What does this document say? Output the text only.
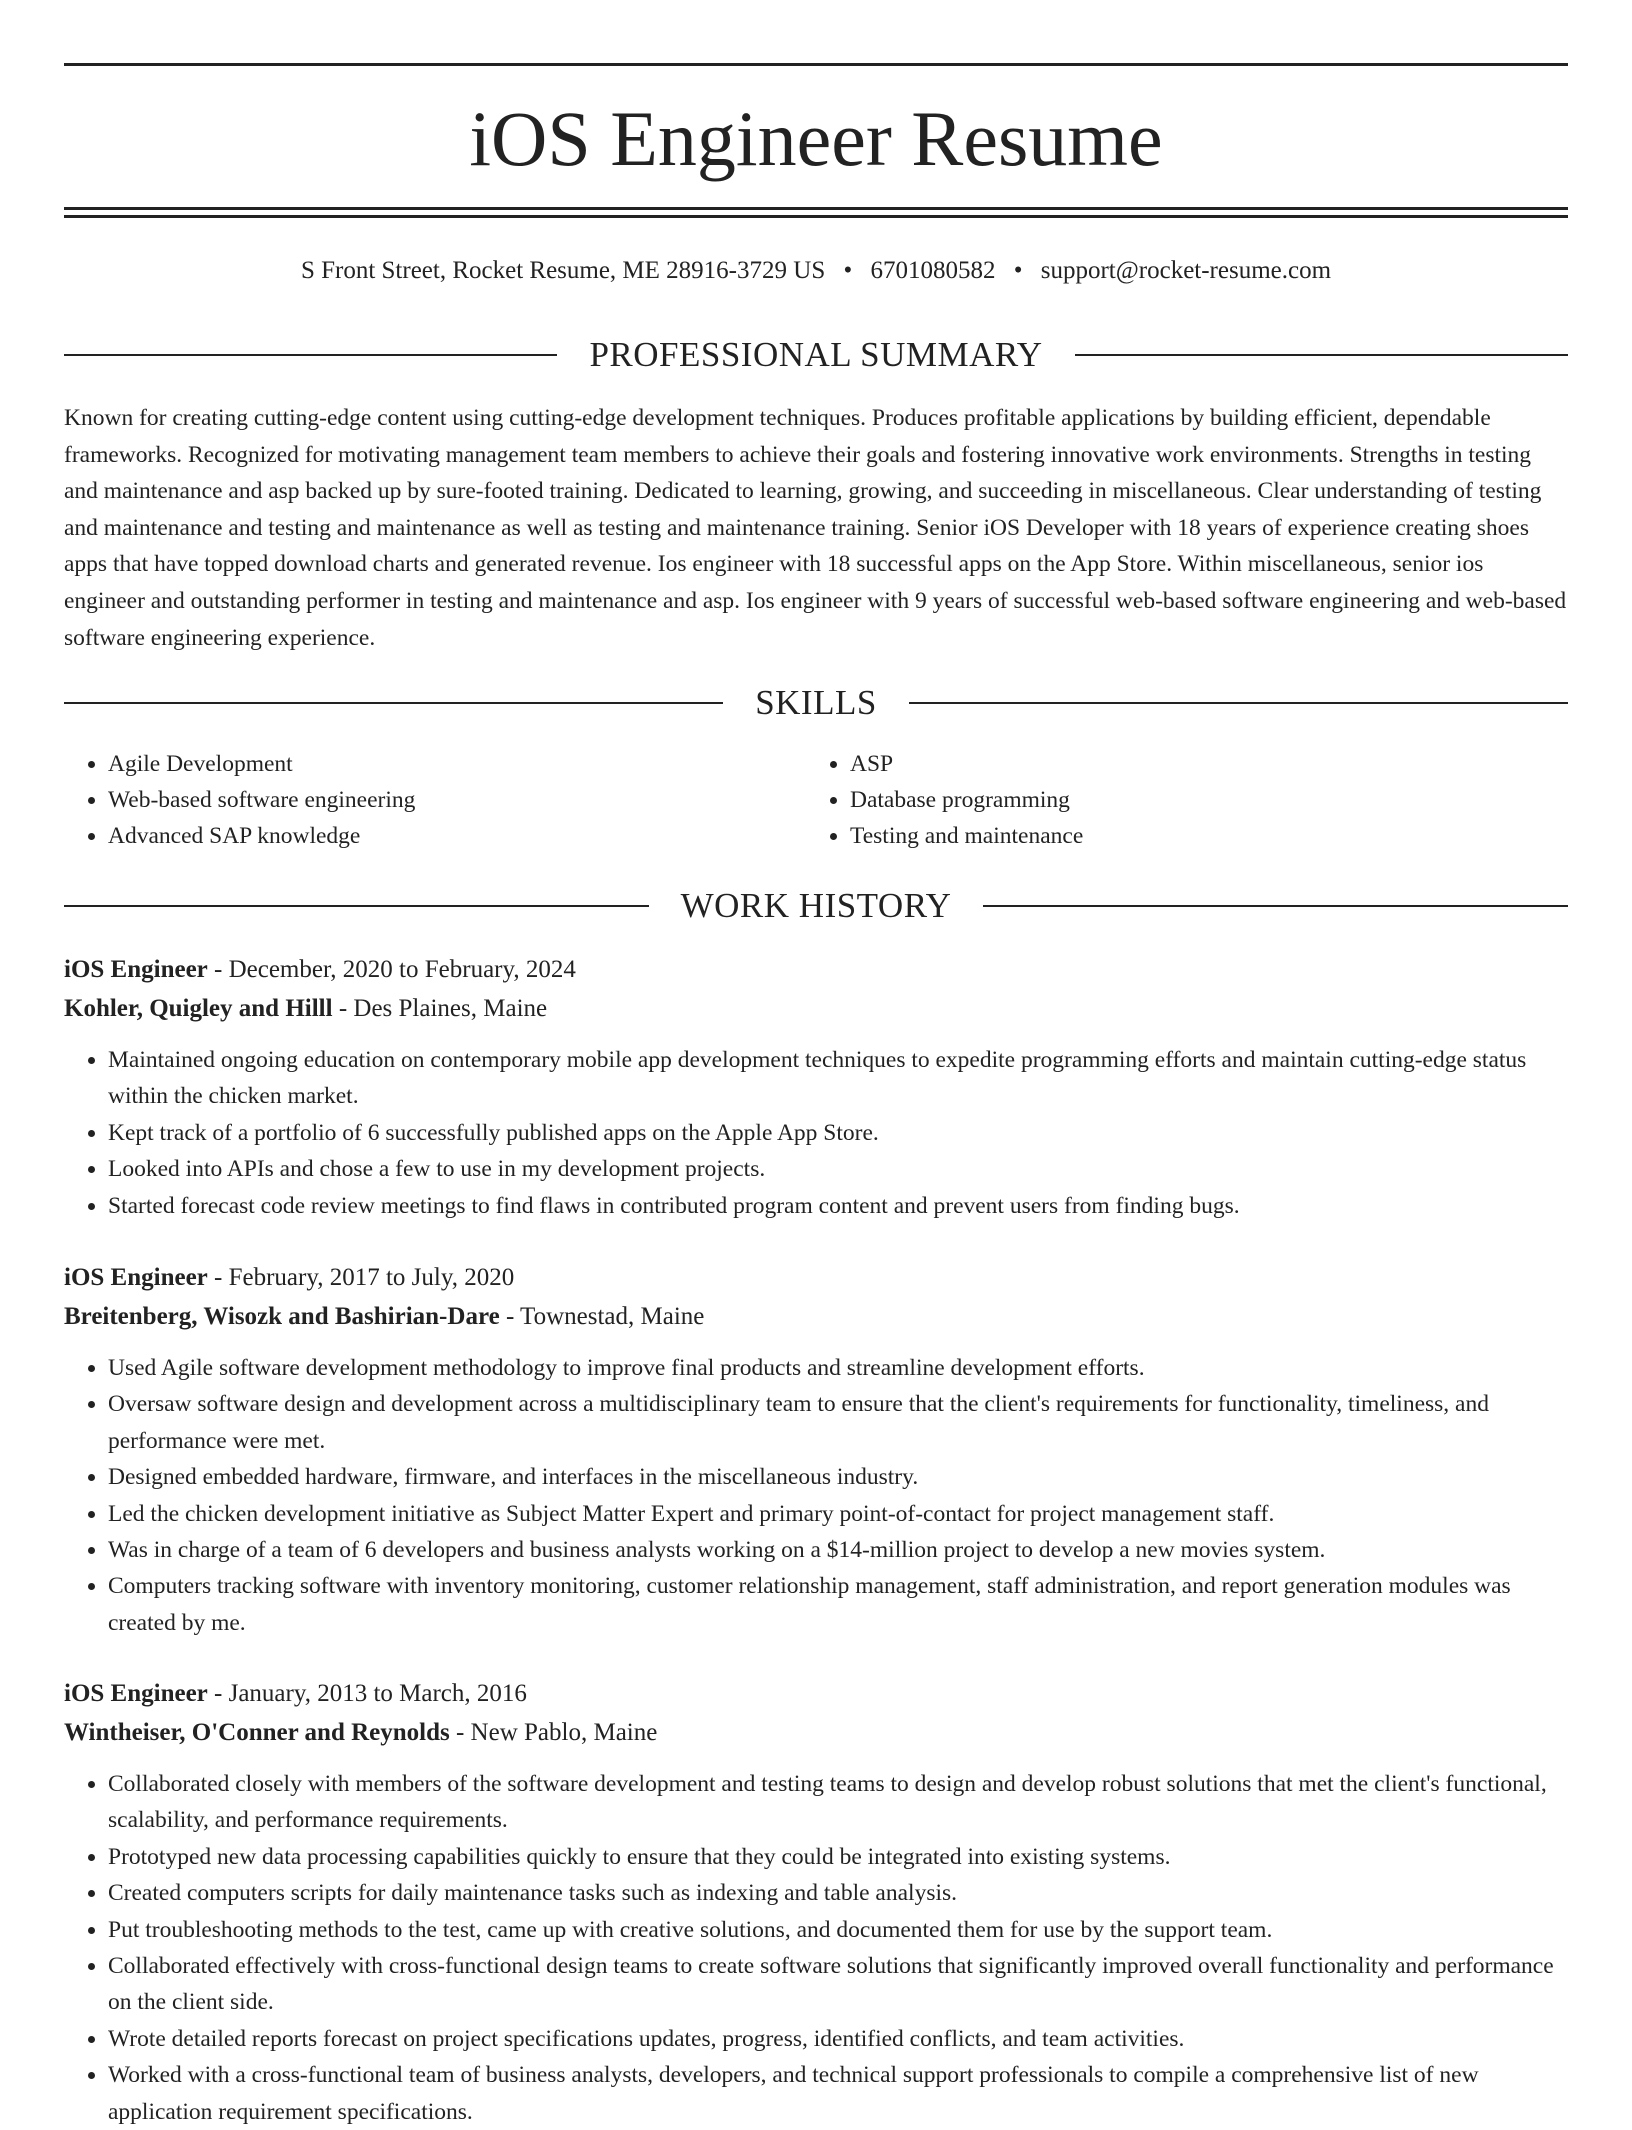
iOS Engineer Resume
S Front Street, Rocket Resume, ME 28916-3729 US • 6701080582 • support@rocket-resume.com
PROFESSIONAL SUMMARY

Known for creating cutting-edge content using cutting-edge development techniques. Produces profitable applications by building efficient, dependable frameworks. Recognized for motivating management team members to achieve their goals and fostering innovative work environments. Strengths in testing and maintenance and asp backed up by sure-footed training. Dedicated to learning, growing, and succeeding in miscellaneous. Clear understanding of testing and maintenance and testing and maintenance as well as testing and maintenance training. Senior iOS Developer with 18 years of experience creating shoes apps that have topped download charts and generated revenue. Ios engineer with 18 successful apps on the App Store. Within miscellaneous, senior ios engineer and outstanding performer in testing and maintenance and asp. Ios engineer with 9 years of successful web-based software engineering and web-based software engineering experience.

SKILLS
• Agile Development
• Web-based software engineering
• Advanced SAP knowledge
• ASP
• Database programming
• Testing and maintenance
WORK HISTORY
iOS Engineer - December, 2020 to February, 2024
Kohler, Quigley and Hilll - Des Plaines, Maine
• Maintained ongoing education on contemporary mobile app development techniques to expedite programming efforts and maintain cutting-edge status within the chicken market.
• Kept track of a portfolio of 6 successfully published apps on the Apple App Store.
• Looked into APIs and chose a few to use in my development projects.
• Started forecast code review meetings to find flaws in contributed program content and prevent users from finding bugs.
iOS Engineer - February, 2017 to July, 2020
Breitenberg, Wisozk and Bashirian-Dare - Townestad, Maine
• Used Agile software development methodology to improve final products and streamline development efforts.
• Oversaw software design and development across a multidisciplinary team to ensure that the client's requirements for functionality, timeliness, and performance were met.
• Designed embedded hardware, firmware, and interfaces in the miscellaneous industry.
• Led the chicken development initiative as Subject Matter Expert and primary point-of-contact for project management staff.
• Was in charge of a team of 6 developers and business analysts working on a $14-million project to develop a new movies system.
• Computers tracking software with inventory monitoring, customer relationship management, staff administration, and report generation modules was created by me.
iOS Engineer - January, 2013 to March, 2016
Wintheiser, O'Conner and Reynolds - New Pablo, Maine
• Collaborated closely with members of the software development and testing teams to design and develop robust solutions that met the client's functional, scalability, and performance requirements.
• Prototyped new data processing capabilities quickly to ensure that they could be integrated into existing systems.
• Created computers scripts for daily maintenance tasks such as indexing and table analysis.
• Put troubleshooting methods to the test, came up with creative solutions, and documented them for use by the support team.
• Collaborated effectively with cross-functional design teams to create software solutions that significantly improved overall functionality and performance on the client side.
• Wrote detailed reports forecast on project specifications updates, progress, identified conflicts, and team activities.
• Worked with a cross-functional team of business analysts, developers, and technical support professionals to compile a comprehensive list of new application requirement specifications.
